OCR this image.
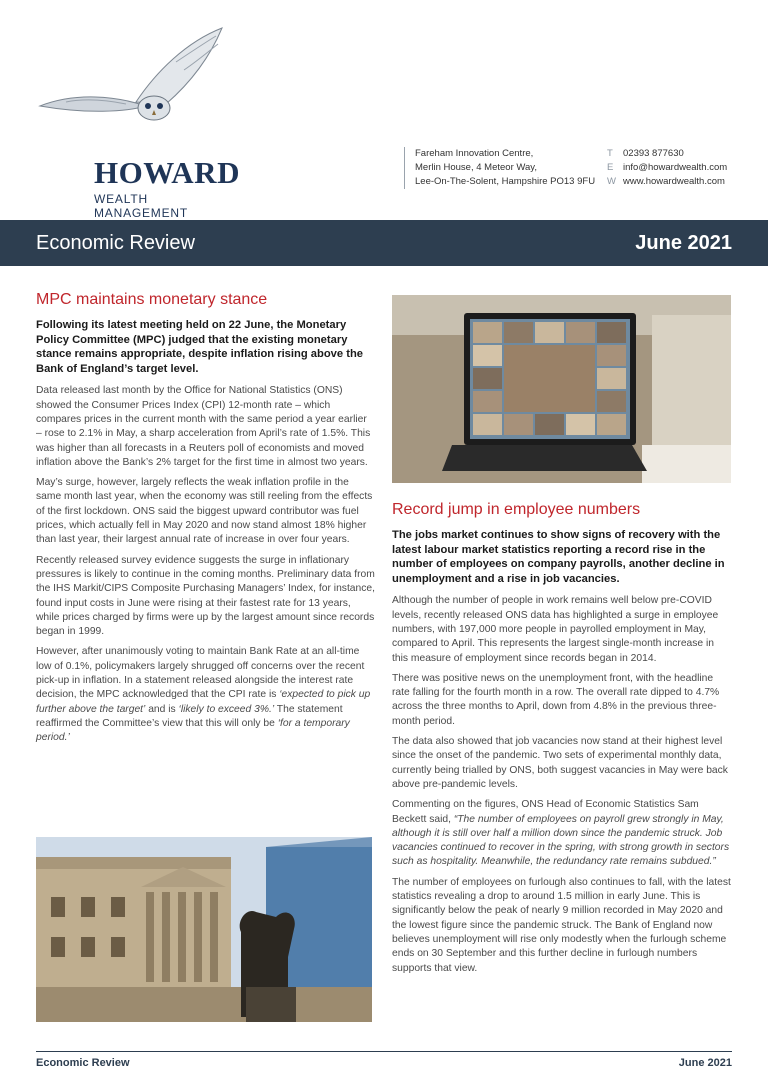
HOWARD
WEALTH MANAGEMENT
Fareham Innovation Centre,
Merlin House, 4 Meteor Way,
Lee-On-The-Solent, Hampshire PO13 9FU
T 02393 877630
E info@howardwealth.com
W www.howardwealth.com
Economic Review	June 2021
MPC maintains monetary stance

Following its latest meeting held on 22 June, the Monetary Policy Committee (MPC) judged that the existing monetary stance remains appropriate, despite inflation rising above the Bank of England’s target level.

Data released last month by the Office for National Statistics (ONS) showed the Consumer Prices Index (CPI) 12-month rate – which compares prices in the current month with the same period a year earlier – rose to 2.1% in May, a sharp acceleration from April’s rate of 1.5%. This was higher than all forecasts in a Reuters poll of economists and moved inflation above the Bank’s 2% target for the first time in almost two years.

May’s surge, however, largely reflects the weak inflation profile in the same month last year, when the economy was still reeling from the effects of the first lockdown. ONS said the biggest upward contributor was fuel prices, which actually fell in May 2020 and now stand almost 18% higher than last year, their largest annual rate of increase in over four years.

Recently released survey evidence suggests the surge in inflationary pressures is likely to continue in the coming months. Preliminary data from the IHS Markit/CIPS Composite Purchasing Managers’ Index, for instance, found input costs in June were rising at their fastest rate for 13 years, while prices charged by firms were up by the largest amount since records began in 1999.

However, after unanimously voting to maintain Bank Rate at an all-time low of 0.1%, policymakers largely shrugged off concerns over the recent pick-up in inflation. In a statement released alongside the interest rate decision, the MPC acknowledged that the CPI rate is ‘expected to pick up further above the target’ and is ‘likely to exceed 3%.’ The statement reaffirmed the Committee’s view that this will only be ‘for a temporary period.’

Record jump in employee numbers

The jobs market continues to show signs of recovery with the latest labour market statistics reporting a record rise in the number of employees on company payrolls, another decline in unemployment and a rise in job vacancies.

Although the number of people in work remains well below pre-COVID levels, recently released ONS data has highlighted a surge in employee numbers, with 197,000 more people in payrolled employment in May, compared to April. This represents the largest single-month increase in this measure of employment since records began in 2014.

There was positive news on the unemployment front, with the headline rate falling for the fourth month in a row. The overall rate dipped to 4.7% across the three months to April, down from 4.8% in the previous three-month period.

The data also showed that job vacancies now stand at their highest level since the onset of the pandemic. Two sets of experimental monthly data, currently being trialled by ONS, both suggest vacancies in May were back above pre-pandemic levels.

Commenting on the figures, ONS Head of Economic Statistics Sam Beckett said, “The number of employees on payroll grew strongly in May, although it is still over half a million down since the pandemic struck. Job vacancies continued to recover in the spring, with strong growth in sectors such as hospitality. Meanwhile, the redundancy rate remains subdued.”

The number of employees on furlough also continues to fall, with the latest statistics revealing a drop to around 1.5 million in early June. This is significantly below the peak of nearly 9 million recorded in May 2020 and the lowest figure since the pandemic struck. The Bank of England now believes unemployment will rise only modestly when the furlough scheme ends on 30 September and this further decline in furlough numbers supports that view.

Economic Review	June 2021
